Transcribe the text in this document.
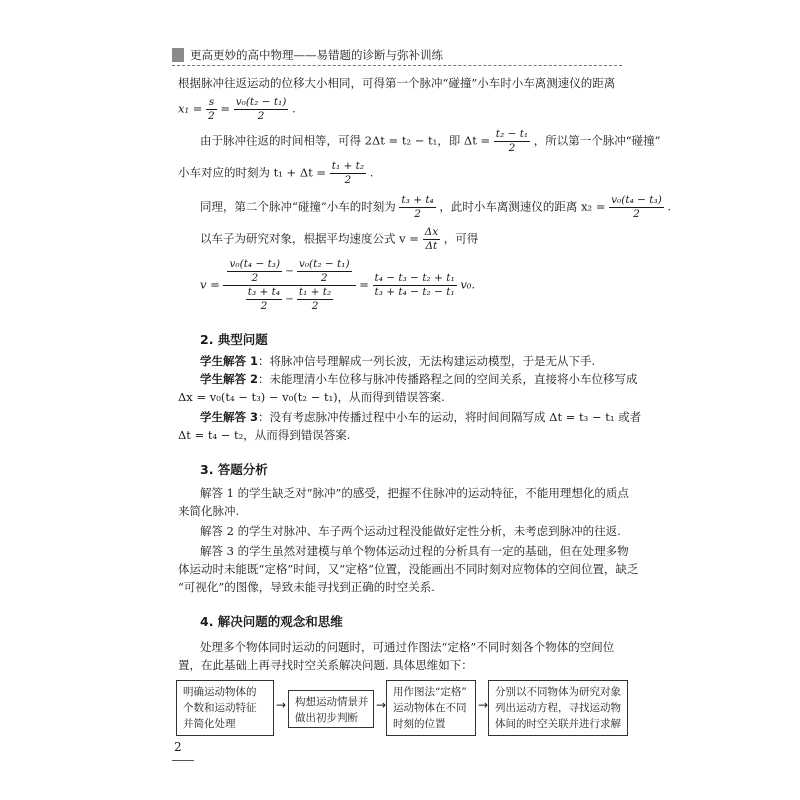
更高更妙的高中物理——易错题的诊断与弥补训练
根据脉冲往返运动的位移大小相同，可得第一个脉冲“碰撞”小车时小车离测速仪的距离
$x_1 = \frac{s}{2} = \frac{\text{v₀(t₂ − t₁)}}{2}$ .
由于脉冲往返的时间相等，可得 2Δt = t₂ − t₁，即 $\Delta t = \frac{\text{t₂ − t₁}}{2}$ ，所以第一个脉冲“碰撞”
小车对应的时刻为 $t_1 + \Delta t = \frac{\text{t₁ + t₂}}{2}$ .
同理，第二个脉冲“碰撞”小车的时刻为 $\frac{\text{t₃ + t₄}}{2}$ ，此时小车离测速仪的距离 $x_2 = \frac{\text{v₀(t₄ − t₃)}}{2}$ .
以车子为研究对象，根据平均速度公式 $v = \frac{\Delta x}{\Delta t}$ ，可得
$v = \frac{\text{v₀(t₄ − t₃)}}{2} - \frac{\text{v₀(t₂ − t₁)}}{2}$
$\frac{\text{t₃ + t₄}}{2} - \frac{\text{t₁ + t₂}}{2}$
= $\frac{\text{t₄ − t₃ − t₂ + t₁}}{\text{t₃ + t₄ − t₂ − t₁}} v_0$.
2. 典型问题
学生解答 1：将脉冲信号理解成一列长波，无法构建运动模型，于是无从下手.
学生解答 2：未能理清小车位移与脉冲传播路程之间的空间关系，直接将小车位移写成
Δx = v₀(t₄ − t₃) − v₀(t₂ − t₁)，从而得到错误答案.
学生解答 3：没有考虑脉冲传播过程中小车的运动，将时间间隔写成 Δt = t₃ − t₁ 或者
Δt = t₄ − t₂，从而得到错误答案.
3. 答题分析
解答 1 的学生缺乏对“脉冲”的感受，把握不住脉冲的运动特征，不能用理想化的质点
来简化脉冲.
解答 2 的学生对脉冲、车子两个运动过程没能做好定性分析，未考虑到脉冲的往返.
解答 3 的学生虽然对建模与单个物体运动过程的分析具有一定的基础，但在处理多物
体运动时未能既“定格”时间，又“定格”位置，没能画出不同时刻对应物体的空间位置，缺乏
“可视化”的图像，导致未能寻找到正确的时空关系.
4. 解决问题的观念和思维
处理多个物体同时运动的问题时，可通过作图法“定格”不同时刻各个物体的空间位
置，在此基础上再寻找时空关系解决问题. 具体思维如下：
明确运动物体的
个数和运动特征
并简化处理
→ 构想运动情景并
做出初步判断
→
用作图法“定格”
运动物体在不同
时刻的位置
→
分别以不同物体为研究对象
列出运动方程，寻找运动物
体间的时空关联并进行求解
2
